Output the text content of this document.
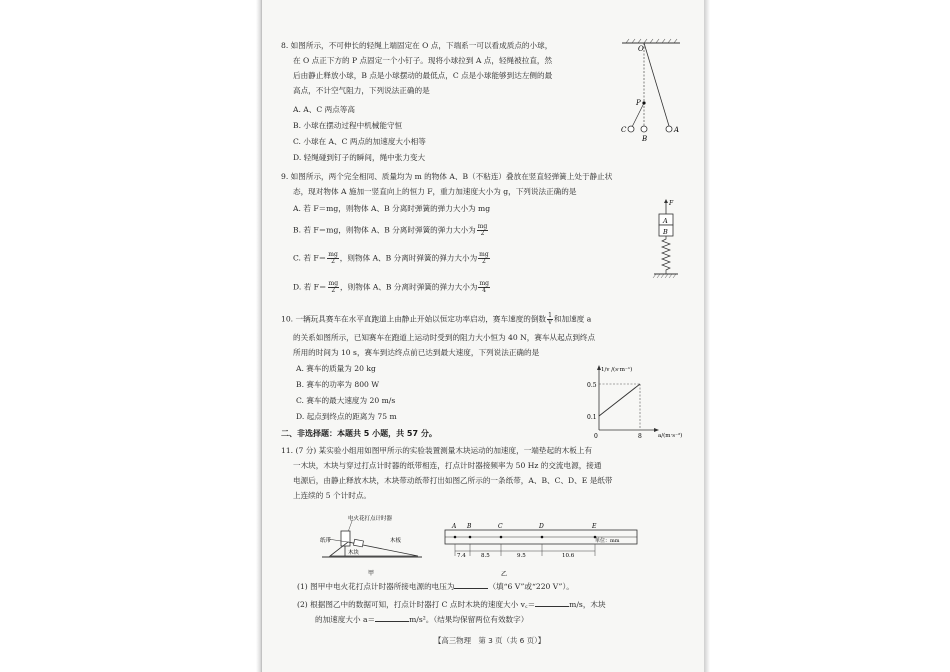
8. 如图所示，不可伸长的轻绳上端固定在 O 点，下端系一可以看成质点的小球，
在 O 点正下方的 P 点固定一个小钉子。现将小球拉到 A 点，轻绳被拉直，然
后由静止释放小球，B 点是小球摆动的最低点，C 点是小球能够到达左侧的最
高点，不计空气阻力，下列说法正确的是
A. A、C 两点等高
B. 小球在摆动过程中机械能守恒
C. 小球在 A、C 两点的加速度大小相等
D. 轻绳碰到钉子的瞬间，绳中张力变大
O
P
A
B
C
9. 如图所示，两个完全相同、质量均为 m 的物体 A、B（不粘连）叠放在竖直轻弹簧上处于静止状
态，现对物体 A 施加一竖直向上的恒力 F，重力加速度大小为 g，下列说法正确的是
A. 若 F＝mg，则物体 A、B 分离时弹簧的弹力大小为 mg
B. 若 F＝mg，则物体 A、B 分离时弹簧的弹力大小为 $\frac{mg}{2}$
C. 若 $F= \frac{mg}{2}$ ，则物体 A、B 分离时弹簧的弹力大小为 $\frac{mg}{2}$
D. 若 $F= \frac{mg}{2}$ ，则物体 A、B 分离时弹簧的弹力大小为 $\frac{mg}{4}$
F
A
B
10. 一辆玩具赛车在水平直跑道上由静止开始以恒定功率启动，赛车速度的倒数 $\frac{1}{v}$ 和加速度 a
的关系如图所示，已知赛车在跑道上运动时受到的阻力大小恒为 40 N，赛车从起点到终点
所用的时间为 10 s，赛车到达终点前已达到最大速度，下列说法正确的是
A. 赛车的质量为 20 kg
B. 赛车的功率为 800 W
C. 赛车的最大速度为 20 m/s
D. 起点到终点的距离为 75 m
1/v /(s·m⁻¹)
a/(m·s⁻²)
0.5
0.1
0	8
二、非选择题：本题共 5 小题，共 57 分。
11. (7 分) 某实验小组用如图甲所示的实验装置测量木块运动的加速度，一端垫起的木板上有
一木块，木块与穿过打点计时器的纸带相连，打点计时器接频率为 50 Hz 的交流电源，接通
电源后，由静止释放木块，木块带动纸带打出如图乙所示的一条纸带，A、B、C、D、E 是纸带
上连续的 5 个计时点。
电火花打点计时器
纸带
木块
木板
甲
A B	C	D	E
单位：mm
7.4	8.5	9.5	10.6
乙
(1) 图甲中电火花打点计时器所接电源的电压为	（填“6 V”或“220 V”）。
(2) 根据图乙中的数据可知，打点计时器打 C 点时木块的速度大小 v꜀＝	m/s，木块
的加速度大小 a＝	m/s²。（结果均保留两位有效数字）
【高三物理　第 3 页（共 6 页）】
